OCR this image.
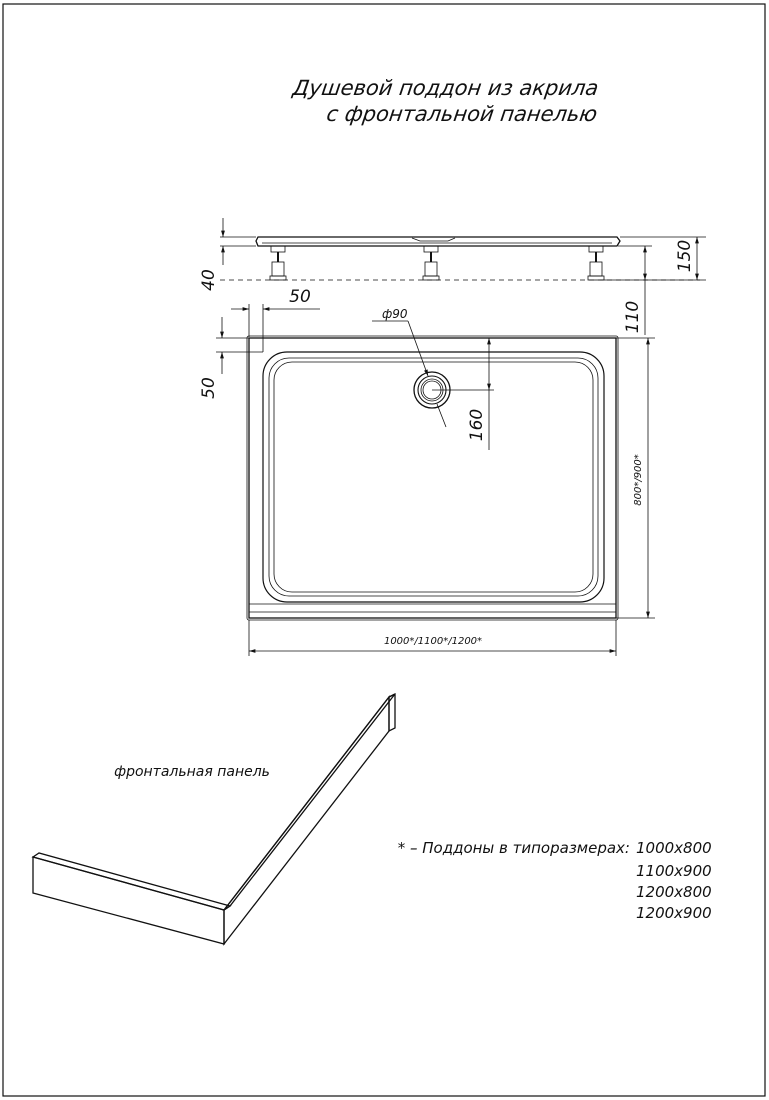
Душевой поддон из акрила
с фронтальной панелью
40
150
110
50
50
ф90
160
800*/900*
1000*/1100*/1200*
фронтальная панель
* – Поддоны в типоразмерах: 1000x800
1100x900
1200x800
1200x900
